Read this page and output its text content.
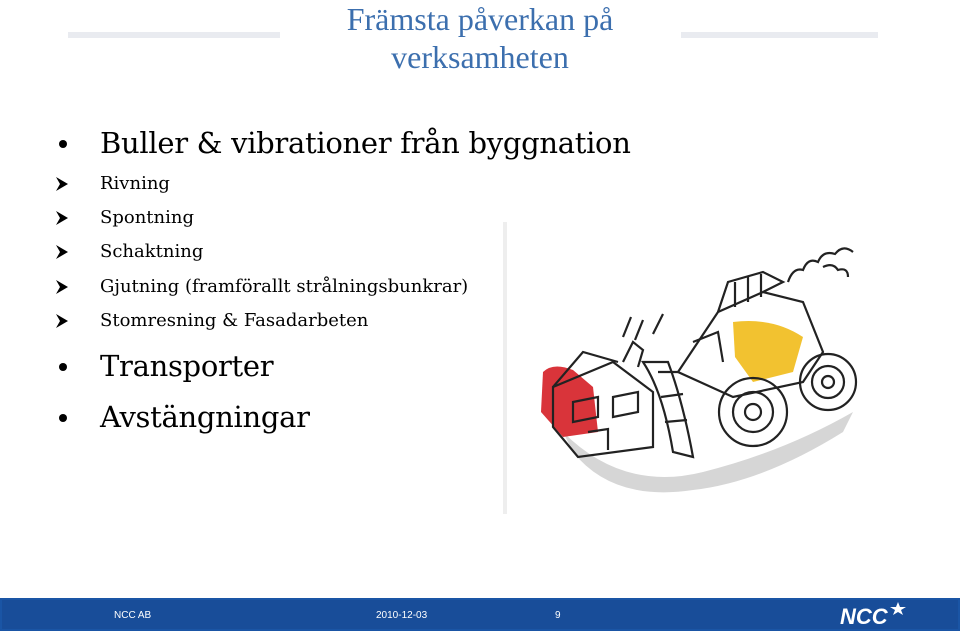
Främsta påverkan på
verksamheten
Buller & vibrationer från byggnation
Rivning
Spontning
Schaktning
Gjutning (framförallt strålningsbunkrar)
Stomresning & Fasadarbeten
Transporter
Avstängningar
NCC AB	2010-12-03	9	NCC
